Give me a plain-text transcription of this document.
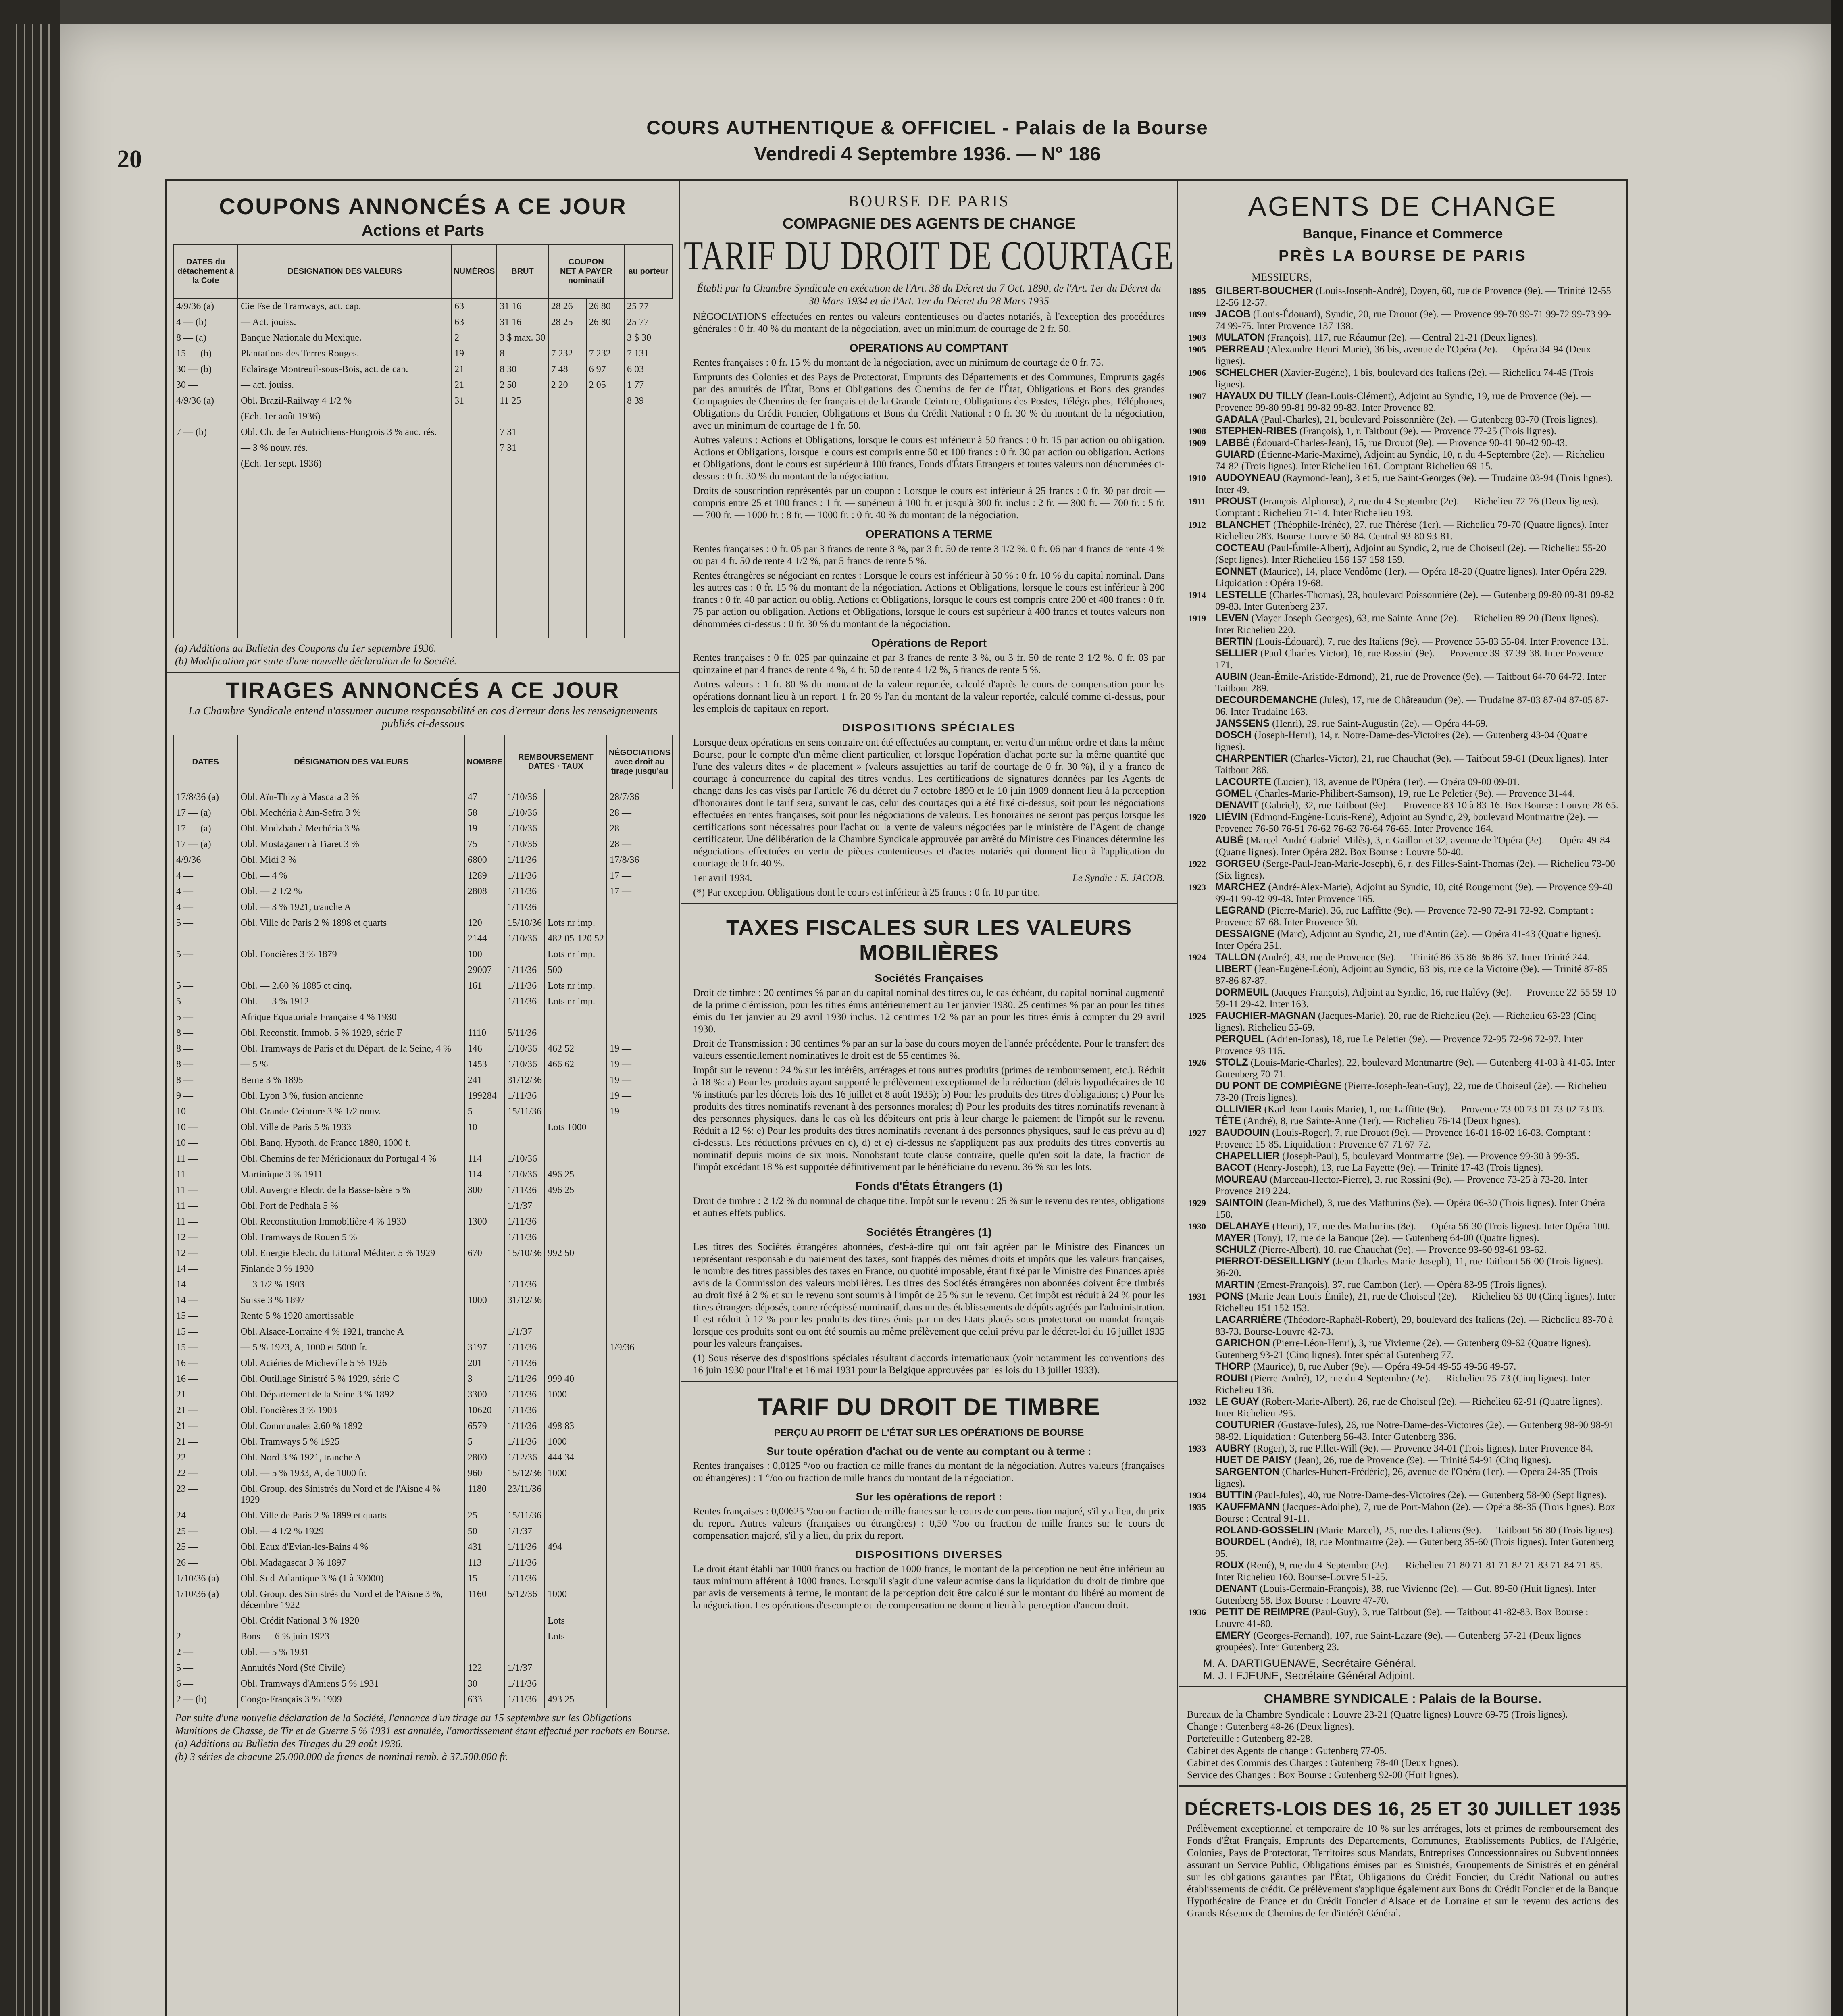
20
COURS AUTHENTIQUE & OFFICIEL - Palais de la Bourse
Vendredi 4 Septembre 1936. — N° 186
COUPONS ANNONCÉS A CE JOUR
Actions et Parts
DATES du détachement à la Cote	DÉSIGNATION DES VALEURS	NUMÉROS	BRUT	COUPON
NET A PAYER
nominatif		au porteur
4/9/36 (a)	Cie Fse de Tramways, act. cap.	63	31 16	28 26	26 80	25 77
4 — (b)	— Act. jouiss.	63	31 16	28 25	26 80	25 77
8 — (a)	Banque Nationale du Mexique.	2	3 $ max. 30			3 $ 30
15 — (b)	Plantations des Terres Rouges.	19	8 —	7 232	7 232	7 131
30 — (b)	Eclairage Montreuil-sous-Bois, act. de cap.	21	8 30	7 48	6 97	6 03
30 —	— act. jouiss.	21	2 50	2 20	2 05	1 77
4/9/36 (a)	Obl. Brazil-Railway 4 1/2 %	31	11 25			8 39
	(Ech. 1er août 1936)					
7 — (b)	Obl. Ch. de fer Autrichiens-Hongrois 3 % anc. rés.		7 31			
	— 3 % nouv. rés.		7 31			
	(Ech. 1er sept. 1936)					

(a) Additions au Bulletin des Coupons du 1er septembre 1936.
(b) Modification par suite d'une nouvelle déclaration de la Société.
TIRAGES ANNONCÉS A CE JOUR
La Chambre Syndicale entend n'assumer aucune responsabilité en cas d'erreur dans les renseignements publiés ci-dessous
DATES	DÉSIGNATION DES VALEURS	NOMBRE	REMBOURSEMENT
DATES · TAUX		NÉGOCIATIONS avec droit au tirage jusqu'au
17/8/36 (a)	Obl. Aïn-Thizy à Mascara 3 %	47	1/10/36		28/7/36
17 — (a)	Obl. Mechéria à Aïn-Sefra 3 %	58	1/10/36		28 —
17 — (a)	Obl. Modzbah à Mechéria 3 %	19	1/10/36		28 —
17 — (a)	Obl. Mostaganem à Tiaret 3 %	75	1/10/36		28 —
4/9/36	Obl. Midi 3 %	6800	1/11/36		17/8/36
4 —	Obl. — 4 %	1289	1/11/36		17 —
4 —	Obl. — 2 1/2 %	2808	1/11/36		17 —
4 —	Obl. — 3 % 1921, tranche A		1/11/36		
5 —	Obl. Ville de Paris 2 % 1898 et quarts	120	15/10/36	Lots nr imp.	
		2144	1/10/36	482 05-120 52	
5 —	Obl. Foncières 3 % 1879	100		Lots nr imp.	
		29007	1/11/36	500	
5 —	Obl. — 2.60 % 1885 et cinq.	161	1/11/36	Lots nr imp.	
5 —	Obl. — 3 % 1912		1/11/36	Lots nr imp.	
5 —	Afrique Equatoriale Française 4 % 1930				
8 —	Obl. Reconstit. Immob. 5 % 1929, série F	1110	5/11/36		
8 —	Obl. Tramways de Paris et du Départ. de la Seine, 4 %	146	1/10/36	462 52	19 —
8 —	— 5 %	1453	1/10/36	466 62	19 —
8 —	Berne 3 % 1895	241	31/12/36		19 —
9 —	Obl. Lyon 3 %, fusion ancienne	199284	1/11/36		19 —
10 —	Obl. Grande-Ceinture 3 % 1/2 nouv.	5	15/11/36		19 —
10 —	Obl. Ville de Paris 5 % 1933	10		Lots 1000	
10 —	Obl. Banq. Hypoth. de France 1880, 1000 f.				
11 —	Obl. Chemins de fer Méridionaux du Portugal 4 %	114	1/10/36		
11 —	Martinique 3 % 1911	114	1/10/36	496 25	
11 —	Obl. Auvergne Electr. de la Basse-Isère 5 %	300	1/11/36	496 25	
11 —	Obl. Port de Pedhala 5 %		1/1/37		
11 —	Obl. Reconstitution Immobilière 4 % 1930	1300	1/11/36		
12 —	Obl. Tramways de Rouen 5 %		1/11/36		
12 —	Obl. Energie Electr. du Littoral Méditer. 5 % 1929	670	15/10/36	992 50	
14 —	Finlande 3 % 1930				
14 —	— 3 1/2 % 1903		1/11/36		
14 —	Suisse 3 % 1897	1000	31/12/36		
15 —	Rente 5 % 1920 amortissable				
15 —	Obl. Alsace-Lorraine 4 % 1921, tranche A		1/1/37		
15 —	— 5 % 1923, A, 1000 et 5000 fr.	3197	1/11/36		1/9/36
16 —	Obl. Aciéries de Micheville 5 % 1926	201	1/11/36		
16 —	Obl. Outillage Sinistré 5 % 1929, série C	3	1/11/36	999 40	
21 —	Obl. Département de la Seine 3 % 1892	3300	1/11/36	1000	
21 —	Obl. Foncières 3 % 1903	10620	1/11/36		
21 —	Obl. Communales 2.60 % 1892	6579	1/11/36	498 83	
21 —	Obl. Tramways 5 % 1925	5	1/11/36	1000	
22 —	Obl. Nord 3 % 1921, tranche A	2800	1/12/36	444 34	
22 —	Obl. — 5 % 1933, A, de 1000 fr.	960	15/12/36	1000	
23 —	Obl. Group. des Sinistrés du Nord et de l'Aisne 4 % 1929	1180	23/11/36		
24 —	Obl. Ville de Paris 2 % 1899 et quarts	25	15/11/36		
25 —	Obl. — 4 1/2 % 1929	50	1/1/37		
25 —	Obl. Eaux d'Evian-les-Bains 4 %	431	1/11/36	494	
26 —	Obl. Madagascar 3 % 1897	113	1/11/36		
1/10/36 (a)	Obl. Sud-Atlantique 3 % (1 à 30000)	15	1/11/36		
1/10/36 (a)	Obl. Group. des Sinistrés du Nord et de l'Aisne 3 %, décembre 1922	1160	5/12/36	1000	
	Obl. Crédit National 3 % 1920			Lots	
2 —	Bons — 6 % juin 1923			Lots	
2 —	Obl. — 5 % 1931				
5 —	Annuités Nord (Sté Civile)	122	1/1/37		
6 —	Obl. Tramways d'Amiens 5 % 1931	30	1/11/36		
2 — (b)	Congo-Français 3 % 1909	633	1/11/36	493 25	
Par suite d'une nouvelle déclaration de la Société, l'annonce d'un tirage au 15 septembre sur les Obligations Munitions de Chasse, de Tir et de Guerre 5 % 1931 est annulée, l'amortissement étant effectué par rachats en Bourse.
(a) Additions au Bulletin des Tirages du 29 août 1936.
(b) 3 séries de chacune 25.000.000 de francs de nominal remb. à 37.500.000 fr.
BOURSE DE PARIS
COMPAGNIE DES AGENTS DE CHANGE
TARIF DU DROIT DE COURTAGE
Établi par la Chambre Syndicale en exécution de l'Art. 38 du Décret du 7 Oct. 1890, de l'Art. 1er du Décret du 30 Mars 1934 et de l'Art. 1er du Décret du 28 Mars 1935
NÉGOCIATIONS effectuées en rentes ou valeurs contentieuses ou d'actes notariés, à l'exception des procédures générales : 0 fr. 40 % du montant de la négociation, avec un minimum de courtage de 2 fr. 50.
OPERATIONS AU COMPTANT
Rentes françaises : 0 fr. 15 % du montant de la négociation, avec un minimum de courtage de 0 fr. 75.
Emprunts des Colonies et des Pays de Protectorat, Emprunts des Départements et des Communes, Emprunts gagés par des annuités de l'État, Bons et Obligations des Chemins de fer de l'État, Obligations et Bons des grandes Compagnies de Chemins de fer français et de la Grande-Ceinture, Obligations des Postes, Télégraphes, Téléphones, Obligations du Crédit Foncier, Obligations et Bons du Crédit National : 0 fr. 30 % du montant de la négociation, avec un minimum de courtage de 1 fr. 50.
Autres valeurs : Actions et Obligations, lorsque le cours est inférieur à 50 francs : 0 fr. 15 par action ou obligation. Actions et Obligations, lorsque le cours est compris entre 50 et 100 francs : 0 fr. 30 par action ou obligation. Actions et Obligations, dont le cours est supérieur à 100 francs, Fonds d'États Etrangers et toutes valeurs non dénommées ci-dessus : 0 fr. 30 % du montant de la négociation.
Droits de souscription représentés par un coupon : Lorsque le cours est inférieur à 25 francs : 0 fr. 30 par droit — compris entre 25 et 100 francs : 1 fr. — supérieur à 100 fr. et jusqu'à 300 fr. inclus : 2 fr. — 300 fr. — 700 fr. : 5 fr. — 700 fr. — 1000 fr. : 8 fr. — 1000 fr. : 0 fr. 40 % du montant de la négociation.
OPERATIONS A TERME
Rentes françaises : 0 fr. 05 par 3 francs de rente 3 %, par 3 fr. 50 de rente 3 1/2 %. 0 fr. 06 par 4 francs de rente 4 % ou par 4 fr. 50 de rente 4 1/2 %, par 5 francs de rente 5 %.
Rentes étrangères se négociant en rentes : Lorsque le cours est inférieur à 50 % : 0 fr. 10 % du capital nominal. Dans les autres cas : 0 fr. 15 % du montant de la négociation. Actions et Obligations, lorsque le cours est inférieur à 200 francs : 0 fr. 40 par action ou oblig. Actions et Obligations, lorsque le cours est compris entre 200 et 400 francs : 0 fr. 75 par action ou obligation. Actions et Obligations, lorsque le cours est supérieur à 400 francs et toutes valeurs non dénommées ci-dessus : 0 fr. 30 % du montant de la négociation.
Opérations de Report
Rentes françaises : 0 fr. 025 par quinzaine et par 3 francs de rente 3 %, ou 3 fr. 50 de rente 3 1/2 %. 0 fr. 03 par quinzaine et par 4 francs de rente 4 %, 4 fr. 50 de rente 4 1/2 %, 5 francs de rente 5 %.
Autres valeurs : 1 fr. 80 % du montant de la valeur reportée, calculé d'après le cours de compensation pour les opérations donnant lieu à un report. 1 fr. 20 % l'an du montant de la valeur reportée, calculé comme ci-dessus, pour les emplois de capitaux en report.
DISPOSITIONS SPÉCIALES
Lorsque deux opérations en sens contraire ont été effectuées au comptant, en vertu d'un même ordre et dans la même Bourse, pour le compte d'un même client particulier, et lorsque l'opération d'achat porte sur la même quantité que l'une des valeurs dites « de placement » (valeurs assujetties au tarif de courtage de 0 fr. 30 %), il y a franco de courtage à concurrence du capital des titres vendus. Les certifications de signatures données par les Agents de change dans les cas visés par l'article 76 du décret du 7 octobre 1890 et le 10 juin 1909 donnent lieu à la perception d'honoraires dont le tarif sera, suivant le cas, celui des courtages qui a été fixé ci-dessus, soit pour les négociations effectuées en rentes françaises, soit pour les négociations de valeurs. Les honoraires ne seront pas perçus lorsque les certifications sont nécessaires pour l'achat ou la vente de valeurs négociées par le ministère de l'Agent de change certificateur. Une délibération de la Chambre Syndicale approuvée par arrêté du Ministre des Finances détermine les négociations effectuées en vertu de pièces contentieuses et d'actes notariés qui donnent lieu à l'application du courtage de 0 fr. 40 %.
1er avril 1934.	Le Syndic : E. JACOB.
(*) Par exception. Obligations dont le cours est inférieur à 25 francs : 0 fr. 10 par titre.
TAXES FISCALES SUR LES VALEURS MOBILIÈRES
Sociétés Françaises
Droit de timbre : 20 centimes % par an du capital nominal des titres ou, le cas échéant, du capital nominal augmenté de la prime d'émission, pour les titres émis antérieurement au 1er janvier 1930. 25 centimes % par an pour les titres émis du 1er janvier au 29 avril 1930 inclus. 12 centimes 1/2 % par an pour les titres émis à compter du 29 avril 1930.
Droit de Transmission : 30 centimes % par an sur la base du cours moyen de l'année précédente. Pour le transfert des valeurs essentiellement nominatives le droit est de 55 centimes %.
Impôt sur le revenu : 24 % sur les intérêts, arrérages et tous autres produits (primes de remboursement, etc.). Réduit à 18 %: a) Pour les produits ayant supporté le prélèvement exceptionnel de la réduction (délais hypothécaires de 10 % institués par les décrets-lois des 16 juillet et 8 août 1935); b) Pour les produits des titres d'obligations; c) Pour les produits des titres nominatifs revenant à des personnes morales; d) Pour les produits des titres nominatifs revenant à des personnes physiques, dans le cas où les débiteurs ont pris à leur charge le paiement de l'impôt sur le revenu. Réduit à 12 %: e) Pour les produits des titres nominatifs revenant à des personnes physiques, sauf le cas prévu au d) ci-dessus. Les réductions prévues en c), d) et e) ci-dessus ne s'appliquent pas aux produits des titres convertis au nominatif depuis moins de six mois. Nonobstant toute clause contraire, quelle qu'en soit la date, la fraction de l'impôt excédant 18 % est supportée définitivement par le bénéficiaire du revenu. 36 % sur les lots.
Fonds d'États Étrangers (1)
Droit de timbre : 2 1/2 % du nominal de chaque titre. Impôt sur le revenu : 25 % sur le revenu des rentes, obligations et autres effets publics.
Sociétés Étrangères (1)
Les titres des Sociétés étrangères abonnées, c'est-à-dire qui ont fait agréer par le Ministre des Finances un représentant responsable du paiement des taxes, sont frappés des mêmes droits et impôts que les valeurs françaises, le nombre des titres passibles des taxes en France, ou quotité imposable, étant fixé par le Ministre des Finances après avis de la Commission des valeurs mobilières. Les titres des Sociétés étrangères non abonnées doivent être timbrés au droit fixé à 2 % et sur le revenu sont soumis à l'impôt de 25 % sur le revenu. Cet impôt est réduit à 24 % pour les titres étrangers déposés, contre récépissé nominatif, dans un des établissements de dépôts agréés par l'administration. Il est réduit à 12 % pour les produits des titres émis par un des Etats placés sous protectorat ou mandat français lorsque ces produits sont ou ont été soumis au même prélèvement que celui prévu par le décret-loi du 16 juillet 1935 pour les valeurs françaises.
(1) Sous réserve des dispositions spéciales résultant d'accords internationaux (voir notamment les conventions des 16 juin 1930 pour l'Italie et 16 mai 1931 pour la Belgique approuvées par les lois du 13 juillet 1933).
TARIF DU DROIT DE TIMBRE
PERÇU AU PROFIT DE L'ÉTAT SUR LES OPÉRATIONS DE BOURSE
Sur toute opération d'achat ou de vente au comptant ou à terme :
Rentes françaises : 0,0125 °/oo ou fraction de mille francs du montant de la négociation. Autres valeurs (françaises ou étrangères) : 1 °/oo ou fraction de mille francs du montant de la négociation.
Sur les opérations de report :
Rentes françaises : 0,00625 °/oo ou fraction de mille francs sur le cours de compensation majoré, s'il y a lieu, du prix du report. Autres valeurs (françaises ou étrangères) : 0,50 °/oo ou fraction de mille francs sur le cours de compensation majoré, s'il y a lieu, du prix du report.
DISPOSITIONS DIVERSES
Le droit étant établi par 1000 francs ou fraction de 1000 francs, le montant de la perception ne peut être inférieur au taux minimum afférent à 1000 francs. Lorsqu'il s'agit d'une valeur admise dans la liquidation du droit de timbre que par avis de versements à terme, le montant de la perception doit être calculé sur le montant du libéré au moment de la négociation. Les opérations d'escompte ou de compensation ne donnent lieu à la perception d'aucun droit.
AGENTS DE CHANGE
Banque, Finance et Commerce
PRÈS LA BOURSE DE PARIS
MESSIEURS,
1895 GILBERT-BOUCHER (Louis-Joseph-André), Doyen, 60, rue de Provence (9e). — Trinité 12-55 12-56 12-57.
1899 JACOB (Louis-Édouard), Syndic, 20, rue Drouot (9e). — Provence 99-70 99-71 99-72 99-73 99-74 99-75. Inter Provence 137 138.
1903 MULATON (François), 117, rue Réaumur (2e). — Central 21-21 (Deux lignes).
1905 PERREAU (Alexandre-Henri-Marie), 36 bis, avenue de l'Opéra (2e). — Opéra 34-94 (Deux lignes).
1906 SCHELCHER (Xavier-Eugène), 1 bis, boulevard des Italiens (2e). — Richelieu 74-45 (Trois lignes).
1907 HAYAUX DU TILLY (Jean-Louis-Clément), Adjoint au Syndic, 19, rue de Provence (9e). — Provence 99-80 99-81 99-82 99-83. Inter Provence 82.
GADALA (Paul-Charles), 21, boulevard Poissonnière (2e). — Gutenberg 83-70 (Trois lignes).
1908 STEPHEN-RIBES (François), 1, r. Taitbout (9e). — Provence 77-25 (Trois lignes).
1909 LABBÉ (Édouard-Charles-Jean), 15, rue Drouot (9e). — Provence 90-41 90-42 90-43.
GUIARD (Étienne-Marie-Maxime), Adjoint au Syndic, 10, r. du 4-Septembre (2e). — Richelieu 74-82 (Trois lignes). Inter Richelieu 161. Comptant Richelieu 69-15.
1910 AUDOYNEAU (Raymond-Jean), 3 et 5, rue Saint-Georges (9e). — Trudaine 03-94 (Trois lignes). Inter 49.
1911 PROUST (François-Alphonse), 2, rue du 4-Septembre (2e). — Richelieu 72-76 (Deux lignes). Comptant : Richelieu 71-14. Inter Richelieu 193.
1912 BLANCHET (Théophile-Irénée), 27, rue Thérèse (1er). — Richelieu 79-70 (Quatre lignes). Inter Richelieu 283. Bourse-Louvre 50-84. Central 93-80 93-81.
COCTEAU (Paul-Émile-Albert), Adjoint au Syndic, 2, rue de Choiseul (2e). — Richelieu 55-20 (Sept lignes). Inter Richelieu 156 157 158 159.
EONNET (Maurice), 14, place Vendôme (1er). — Opéra 18-20 (Quatre lignes). Inter Opéra 229. Liquidation : Opéra 19-68.
1914 LESTELLE (Charles-Thomas), 23, boulevard Poissonnière (2e). — Gutenberg 09-80 09-81 09-82 09-83. Inter Gutenberg 237.
1919 LEVEN (Mayer-Joseph-Georges), 63, rue Sainte-Anne (2e). — Richelieu 89-20 (Deux lignes). Inter Richelieu 220.
BERTIN (Louis-Édouard), 7, rue des Italiens (9e). — Provence 55-83 55-84. Inter Provence 131.
SELLIER (Paul-Charles-Victor), 16, rue Rossini (9e). — Provence 39-37 39-38. Inter Provence 171.
AUBIN (Jean-Émile-Aristide-Edmond), 21, rue de Provence (9e). — Taitbout 64-70 64-72. Inter Taitbout 289.
DECOURDEMANCHE (Jules), 17, rue de Châteaudun (9e). — Trudaine 87-03 87-04 87-05 87-06. Inter Trudaine 163.
JANSSENS (Henri), 29, rue Saint-Augustin (2e). — Opéra 44-69.
DOSCH (Joseph-Henri), 14, r. Notre-Dame-des-Victoires (2e). — Gutenberg 43-04 (Quatre lignes).
CHARPENTIER (Charles-Victor), 21, rue Chauchat (9e). — Taitbout 59-61 (Deux lignes). Inter Taitbout 286.
LACOURTE (Lucien), 13, avenue de l'Opéra (1er). — Opéra 09-00 09-01.
GOMEL (Charles-Marie-Philibert-Samson), 19, rue Le Peletier (9e). — Provence 31-44.
DENAVIT (Gabriel), 32, rue Taitbout (9e). — Provence 83-10 à 83-16. Box Bourse : Louvre 28-65.
1920 LIÉVIN (Edmond-Eugène-Louis-René), Adjoint au Syndic, 29, boulevard Montmartre (2e). — Provence 76-50 76-51 76-62 76-63 76-64 76-65. Inter Provence 164.
AUBÉ (Marcel-André-Gabriel-Milès), 3, r. Gaillon et 32, avenue de l'Opéra (2e). — Opéra 49-84 (Quatre lignes). Inter Opéra 282. Box Bourse : Louvre 50-40.
1922 GORGEU (Serge-Paul-Jean-Marie-Joseph), 6, r. des Filles-Saint-Thomas (2e). — Richelieu 73-00 (Six lignes).
1923 MARCHEZ (André-Alex-Marie), Adjoint au Syndic, 10, cité Rougemont (9e). — Provence 99-40 99-41 99-42 99-43. Inter Provence 165.
LEGRAND (Pierre-Marie), 36, rue Laffitte (9e). — Provence 72-90 72-91 72-92. Comptant : Provence 67-68. Inter Provence 30.
DESSAIGNE (Marc), Adjoint au Syndic, 21, rue d'Antin (2e). — Opéra 41-43 (Quatre lignes). Inter Opéra 251.
1924 TALLON (André), 43, rue de Provence (9e). — Trinité 86-35 86-36 86-37. Inter Trinité 244.
LIBERT (Jean-Eugène-Léon), Adjoint au Syndic, 63 bis, rue de la Victoire (9e). — Trinité 87-85 87-86 87-87.
DORMEUIL (Jacques-François), Adjoint au Syndic, 16, rue Halévy (9e). — Provence 22-55 59-10 59-11 29-42. Inter 163.
1925 FAUCHIER-MAGNAN (Jacques-Marie), 20, rue de Richelieu (2e). — Richelieu 63-23 (Cinq lignes). Richelieu 55-69.
PERQUEL (Adrien-Jonas), 18, rue Le Peletier (9e). — Provence 72-95 72-96 72-97. Inter Provence 93 115.
1926 STOLZ (Louis-Marie-Charles), 22, boulevard Montmartre (9e). — Gutenberg 41-03 à 41-05. Inter Gutenberg 70-71.
DU PONT DE COMPIÈGNE (Pierre-Joseph-Jean-Guy), 22, rue de Choiseul (2e). — Richelieu 73-20 (Trois lignes).
OLLIVIER (Karl-Jean-Louis-Marie), 1, rue Laffitte (9e). — Provence 73-00 73-01 73-02 73-03.
TÊTE (André), 8, rue Sainte-Anne (1er). — Richelieu 76-14 (Deux lignes).
1927 BAUDOUIN (Louis-Roger), 7, rue Drouot (9e). — Provence 16-01 16-02 16-03. Comptant : Provence 15-85. Liquidation : Provence 67-71 67-72.
CHAPELLIER (Joseph-Paul), 5, boulevard Montmartre (9e). — Provence 99-30 à 99-35.
BACOT (Henry-Joseph), 13, rue La Fayette (9e). — Trinité 17-43 (Trois lignes).
MOUREAU (Marceau-Hector-Pierre), 3, rue Rossini (9e). — Provence 73-25 à 73-28. Inter Provence 219 224.
1929 SAINTOIN (Jean-Michel), 3, rue des Mathurins (9e). — Opéra 06-30 (Trois lignes). Inter Opéra 158.
1930 DELAHAYE (Henri), 17, rue des Mathurins (8e). — Opéra 56-30 (Trois lignes). Inter Opéra 100.
MAYER (Tony), 17, rue de la Banque (2e). — Gutenberg 64-00 (Quatre lignes).
SCHULZ (Pierre-Albert), 10, rue Chauchat (9e). — Provence 93-60 93-61 93-62.
PIERROT-DESEILLIGNY (Jean-Charles-Marie-Joseph), 11, rue Taitbout 56-00 (Trois lignes). 36-20.
MARTIN (Ernest-François), 37, rue Cambon (1er). — Opéra 83-95 (Trois lignes).
1931 PONS (Marie-Jean-Louis-Émile), 21, rue de Choiseul (2e). — Richelieu 63-00 (Cinq lignes). Inter Richelieu 151 152 153.
LACARRIÈRE (Théodore-Raphaël-Robert), 29, boulevard des Italiens (2e). — Richelieu 83-70 à 83-73. Bourse-Louvre 42-73.
GARICHON (Pierre-Léon-Henri), 3, rue Vivienne (2e). — Gutenberg 09-62 (Quatre lignes). Gutenberg 93-21 (Cinq lignes). Inter spécial Gutenberg 77.
THORP (Maurice), 8, rue Auber (9e). — Opéra 49-54 49-55 49-56 49-57.
ROUBI (Pierre-André), 12, rue du 4-Septembre (2e). — Richelieu 75-73 (Cinq lignes). Inter Richelieu 136.
1932 LE GUAY (Robert-Marie-Albert), 26, rue de Choiseul (2e). — Richelieu 62-91 (Quatre lignes). Inter Richelieu 295.
COUTURIER (Gustave-Jules), 26, rue Notre-Dame-des-Victoires (2e). — Gutenberg 98-90 98-91 98-92. Liquidation : Gutenberg 56-43. Inter Gutenberg 336.
1933 AUBRY (Roger), 3, rue Pillet-Will (9e). — Provence 34-01 (Trois lignes). Inter Provence 84.
HUET DE PAISY (Jean), 26, rue de Provence (9e). — Trinité 54-91 (Cinq lignes).
SARGENTON (Charles-Hubert-Frédéric), 26, avenue de l'Opéra (1er). — Opéra 24-35 (Trois lignes).
1934 BUTTIN (Paul-Jules), 40, rue Notre-Dame-des-Victoires (2e). — Gutenberg 58-90 (Sept lignes).
1935 KAUFFMANN (Jacques-Adolphe), 7, rue de Port-Mahon (2e). — Opéra 88-35 (Trois lignes). Box Bourse : Central 91-11.
ROLAND-GOSSELIN (Marie-Marcel), 25, rue des Italiens (9e). — Taitbout 56-80 (Trois lignes).
BOURDEL (André), 18, rue Montmartre (2e). — Gutenberg 35-60 (Trois lignes). Inter Gutenberg 95.
ROUX (René), 9, rue du 4-Septembre (2e). — Richelieu 71-80 71-81 71-82 71-83 71-84 71-85. Inter Richelieu 160. Bourse-Louvre 51-25.
DENANT (Louis-Germain-François), 38, rue Vivienne (2e). — Gut. 89-50 (Huit lignes). Inter Gutenberg 58. Box Bourse : Louvre 47-70.
1936 PETIT DE REIMPRE (Paul-Guy), 3, rue Taitbout (9e). — Taitbout 41-82-83. Box Bourse : Louvre 41-80.
EMERY (Georges-Fernand), 107, rue Saint-Lazare (9e). — Gutenberg 57-21 (Deux lignes groupées). Inter Gutenberg 23.
M. A. DARTIGUENAVE, Secrétaire Général.
M. J. LEJEUNE, Secrétaire Général Adjoint.
CHAMBRE SYNDICALE : Palais de la Bourse.
Bureaux de la Chambre Syndicale : Louvre 23-21 (Quatre lignes) Louvre 69-75 (Trois lignes).
Change : Gutenberg 48-26 (Deux lignes).
Portefeuille : Gutenberg 82-28.
Cabinet des Agents de change : Gutenberg 77-05.
Cabinet des Commis des Charges : Gutenberg 78-40 (Deux lignes).
Service des Changes : Box Bourse : Gutenberg 92-00 (Huit lignes).
DÉCRETS-LOIS DES 16, 25 ET 30 JUILLET 1935
Prélèvement exceptionnel et temporaire de 10 % sur les arrérages, lots et primes de remboursement des Fonds d'État Français, Emprunts des Départements, Communes, Etablissements Publics, de l'Algérie, Colonies, Pays de Protectorat, Territoires sous Mandats, Entreprises Concessionnaires ou Subventionnées assurant un Service Public, Obligations émises par les Sinistrés, Groupements de Sinistrés et en général sur les obligations garanties par l'État, Obligations du Crédit Foncier, du Crédit National ou autres établissements de crédit. Ce prélèvement s'applique également aux Bons du Crédit Foncier et de la Banque Hypothécaire de France et du Crédit Foncier d'Alsace et de Lorraine et sur le revenu des actions des Grands Réseaux de Chemins de fer d'intérêt Général.
